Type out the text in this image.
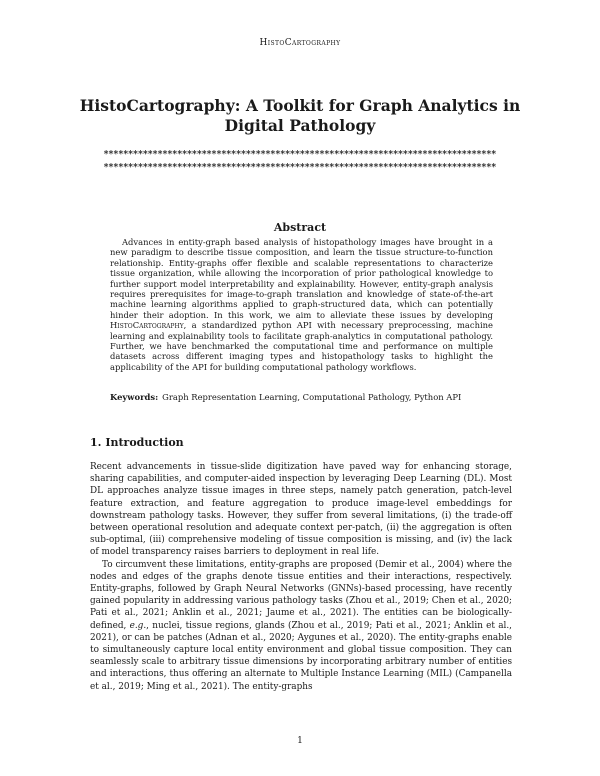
HistoCartography
HistoCartography: A Toolkit for Graph Analytics in Digital Pathology
********************************************************************************
********************************************************************************
Abstract
Advances in entity-graph based analysis of histopathology images have brought in a new paradigm to describe tissue composition, and learn the tissue structure-to-function relationship. Entity-graphs offer flexible and scalable representations to characterize tissue organization, while allowing the incorporation of prior pathological knowledge to further support model interpretability and explainability. However, entity-graph analysis requires prerequisites for image-to-graph translation and knowledge of state-of-the-art machine learning algorithms applied to graph-structured data, which can potentially hinder their adoption. In this work, we aim to alleviate these issues by developing HistoCartography, a standardized python API with necessary preprocessing, machine learning and explainability tools to facilitate graph-analytics in computational pathology. Further, we have benchmarked the computational time and performance on multiple datasets across different imaging types and histopathology tasks to highlight the applicability of the API for building computational pathology workflows.
Keywords: Graph Representation Learning, Computational Pathology, Python API
1. Introduction

Recent advancements in tissue-slide digitization have paved way for enhancing storage, sharing capabilities, and computer-aided inspection by leveraging Deep Learning (DL). Most DL approaches analyze tissue images in three steps, namely patch generation, patch-level feature extraction, and feature aggregation to produce image-level embeddings for downstream pathology tasks. However, they suffer from several limitations, (i) the trade-off between operational resolution and adequate context per-patch, (ii) the aggregation is often sub-optimal, (iii) comprehensive modeling of tissue composition is missing, and (iv) the lack of model transparency raises barriers to deployment in real life.

To circumvent these limitations, entity-graphs are proposed (Demir et al., 2004) where the nodes and edges of the graphs denote tissue entities and their interactions, respectively. Entity-graphs, followed by Graph Neural Networks (GNNs)-based processing, have recently gained popularity in addressing various pathology tasks (Zhou et al., 2019; Chen et al., 2020; Pati et al., 2021; Anklin et al., 2021; Jaume et al., 2021). The entities can be biologically-defined, e.g., nuclei, tissue regions, glands (Zhou et al., 2019; Pati et al., 2021; Anklin et al., 2021), or can be patches (Adnan et al., 2020; Aygunes et al., 2020). The entity-graphs enable to simultaneously capture local entity environment and global tissue composition. They can seamlessly scale to arbitrary tissue dimensions by incorporating arbitrary number of entities and interactions, thus offering an alternate to Multiple Instance Learning (MIL) (Campanella et al., 2019; Ming et al., 2021). The entity-graphs

1
